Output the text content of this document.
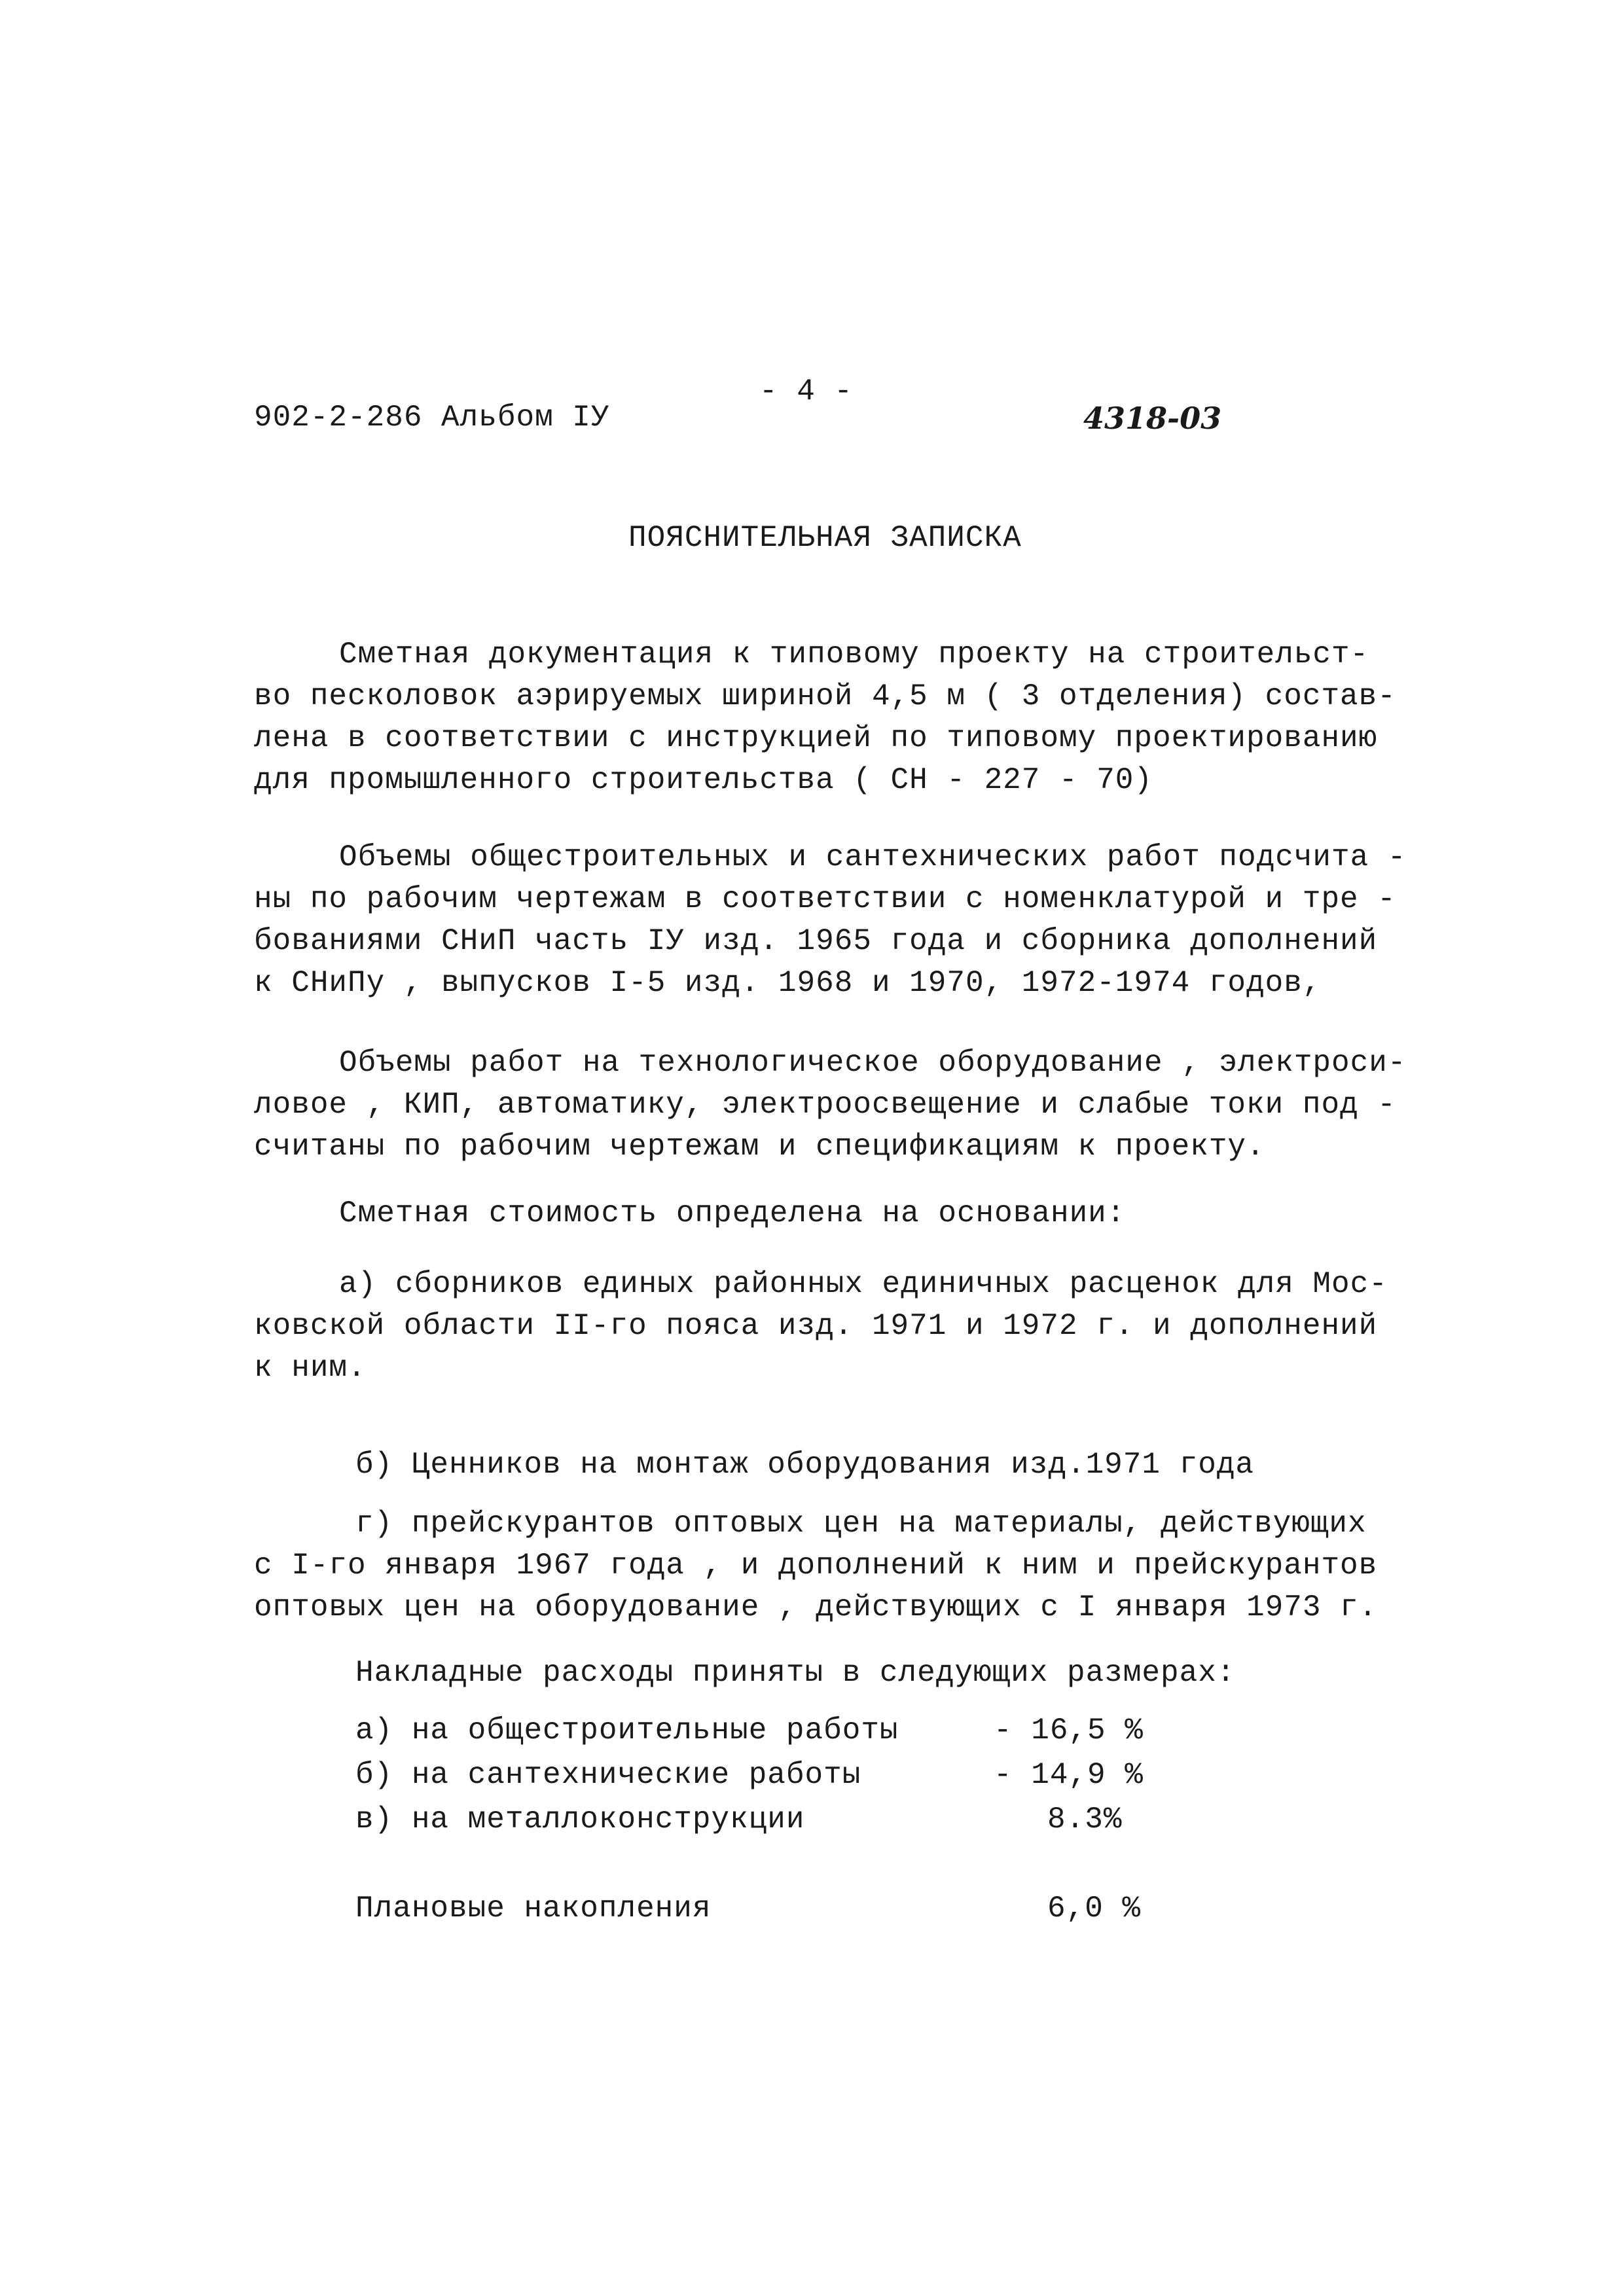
902-2-286 Альбом IУ
- 4 -
4318-03
ПОЯСНИТЕЛЬНАЯ ЗАПИСКА
Сметная документация к типовому проекту на строительст-
во песколовок аэрируемых шириной 4,5 м ( 3 отделения) состав-
лена в соответствии с инструкцией по типовому проектированию
для промышленного строительства ( СН - 227 - 70)
Объемы общестроительных и сантехнических работ подсчита -
ны по рабочим чертежам в соответствии с номенклатурой и тре -
бованиями СНиП часть IУ изд. 1965 года и сборника дополнений
к СНиПу , выпусков I-5 изд. 1968 и 1970, 1972-1974 годов,
Объемы работ на технологическое оборудование , электроси-
ловое , КИП, автоматику, электроосвещение и слабые токи под -
считаны по рабочим чертежам и спецификациям к проекту.
Сметная стоимость определена на основании:
а) сборников единых районных единичных расценок для Мос-
ковской области II-го пояса изд. 1971 и 1972 г. и дополнений
к ним.
б) Ценников на монтаж оборудования изд.1971 года
г) прейскурантов оптовых цен на материалы, действующих
с I-го января 1967 года , и дополнений к ним и прейскурантов
оптовых цен на оборудование , действующих с I января 1973 г.
Накладные расходы приняты в следующих размерах:
а) на общестроительные работы	- 16,5 %
б) на сантехнические работы	- 14,9 %
в) на металлоконструкции	8.3%
Плановые накопления	6,0 %
